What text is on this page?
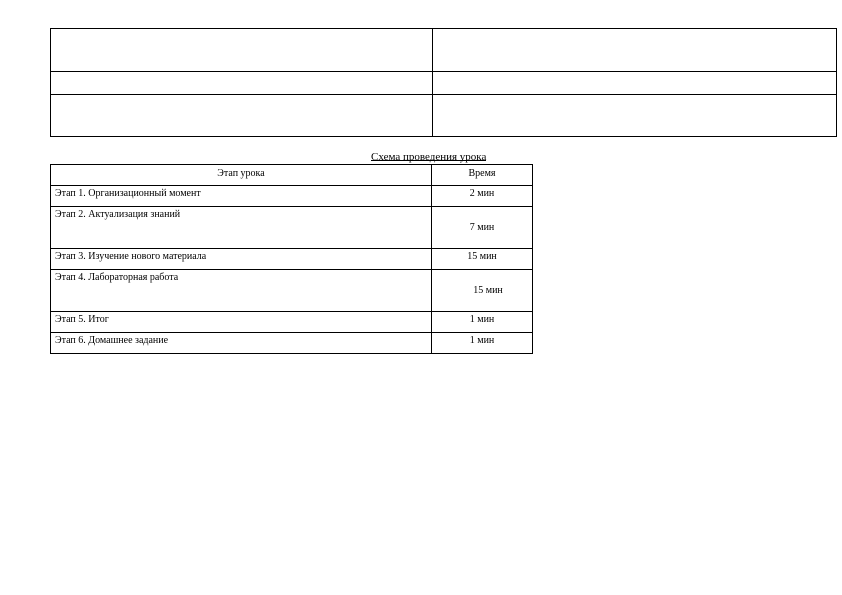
Схема проведения урока
Этап урока	Время
Этап 1. Организационный момент	2 мин
Этап 2. Актуализация знаний	7 мин
Этап 3. Изучение нового материала	15 мин
Этап 4. Лабораторная работа	15 мин
Этап 5. Итог	1 мин
Этап 6. Домашнее задание	1 мин
